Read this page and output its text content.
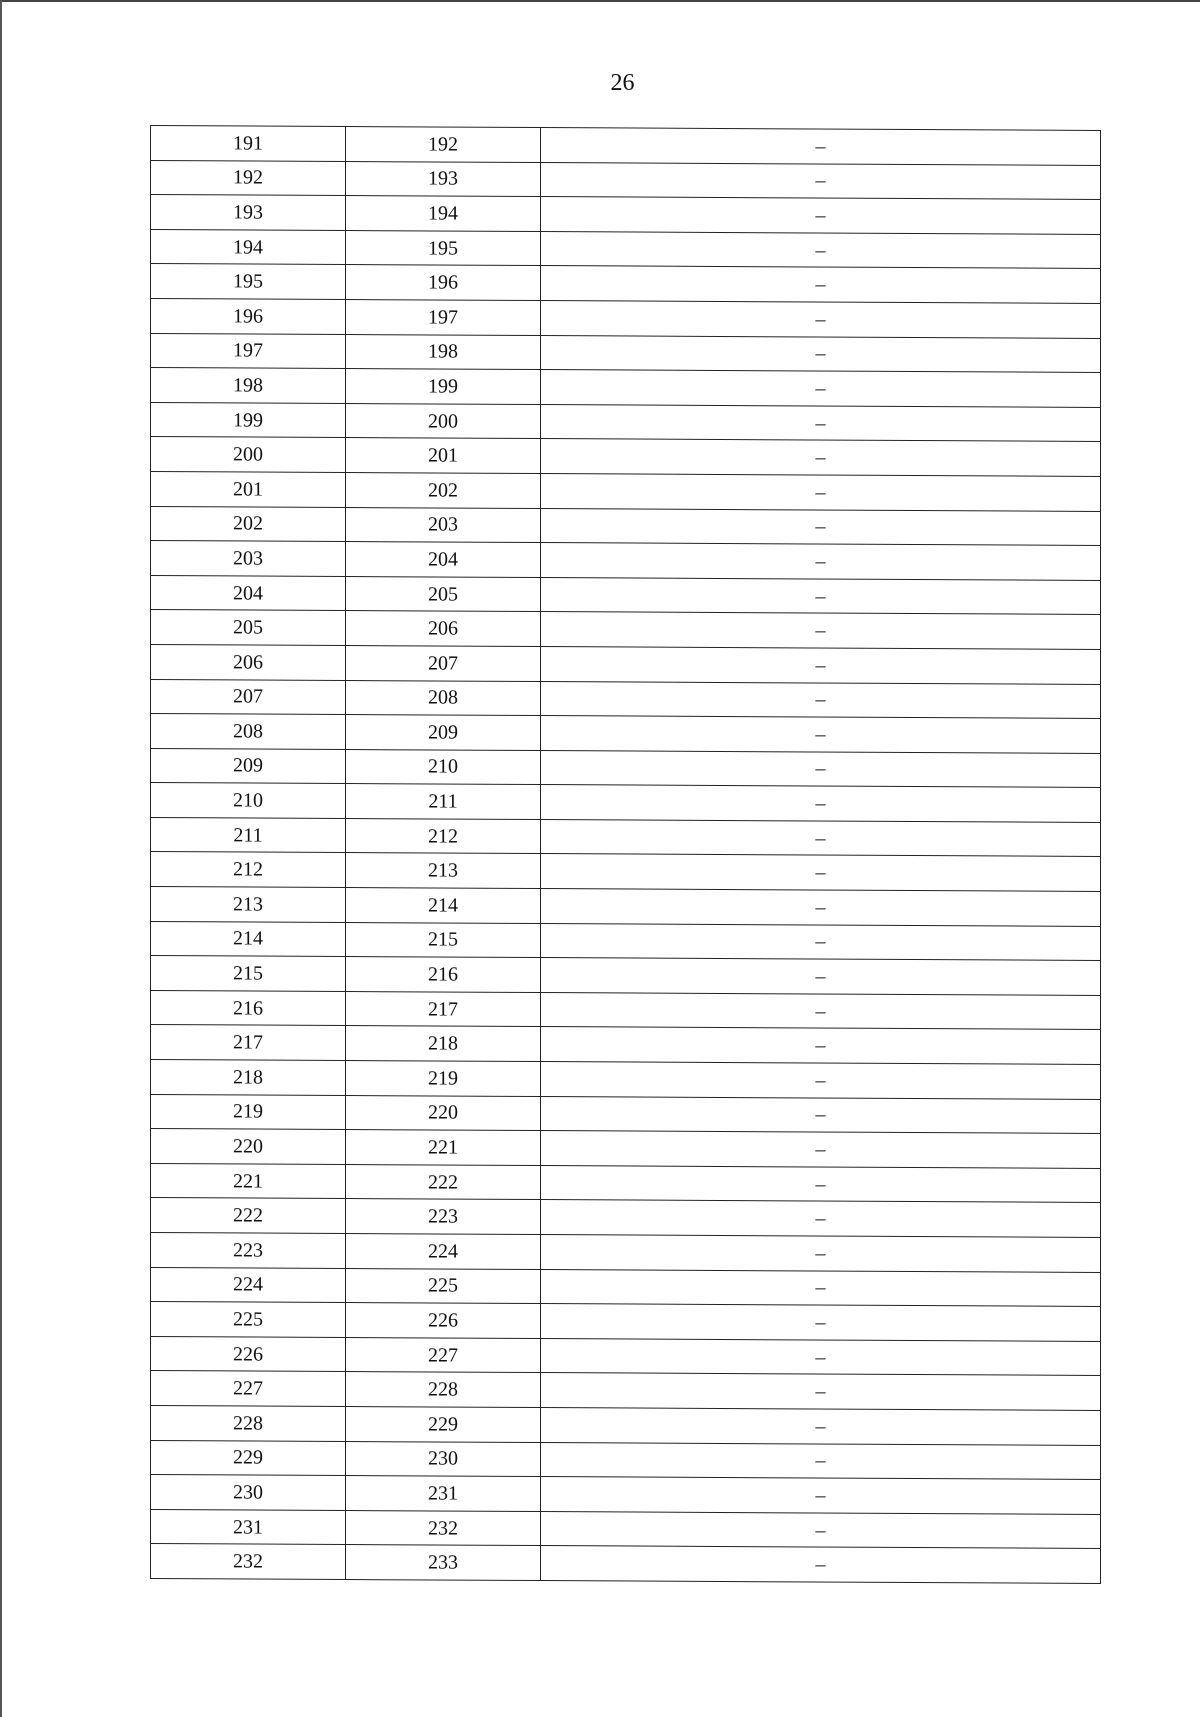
26
191	192	–
192	193	–
193	194	–
194	195	–
195	196	–
196	197	–
197	198	–
198	199	–
199	200	–
200	201	–
201	202	–
202	203	–
203	204	–
204	205	–
205	206	–
206	207	–
207	208	–
208	209	–
209	210	–
210	211	–
211	212	–
212	213	–
213	214	–
214	215	–
215	216	–
216	217	–
217	218	–
218	219	–
219	220	–
220	221	–
221	222	–
222	223	–
223	224	–
224	225	–
225	226	–
226	227	–
227	228	–
228	229	–
229	230	–
230	231	–
231	232	–
232	233	–
